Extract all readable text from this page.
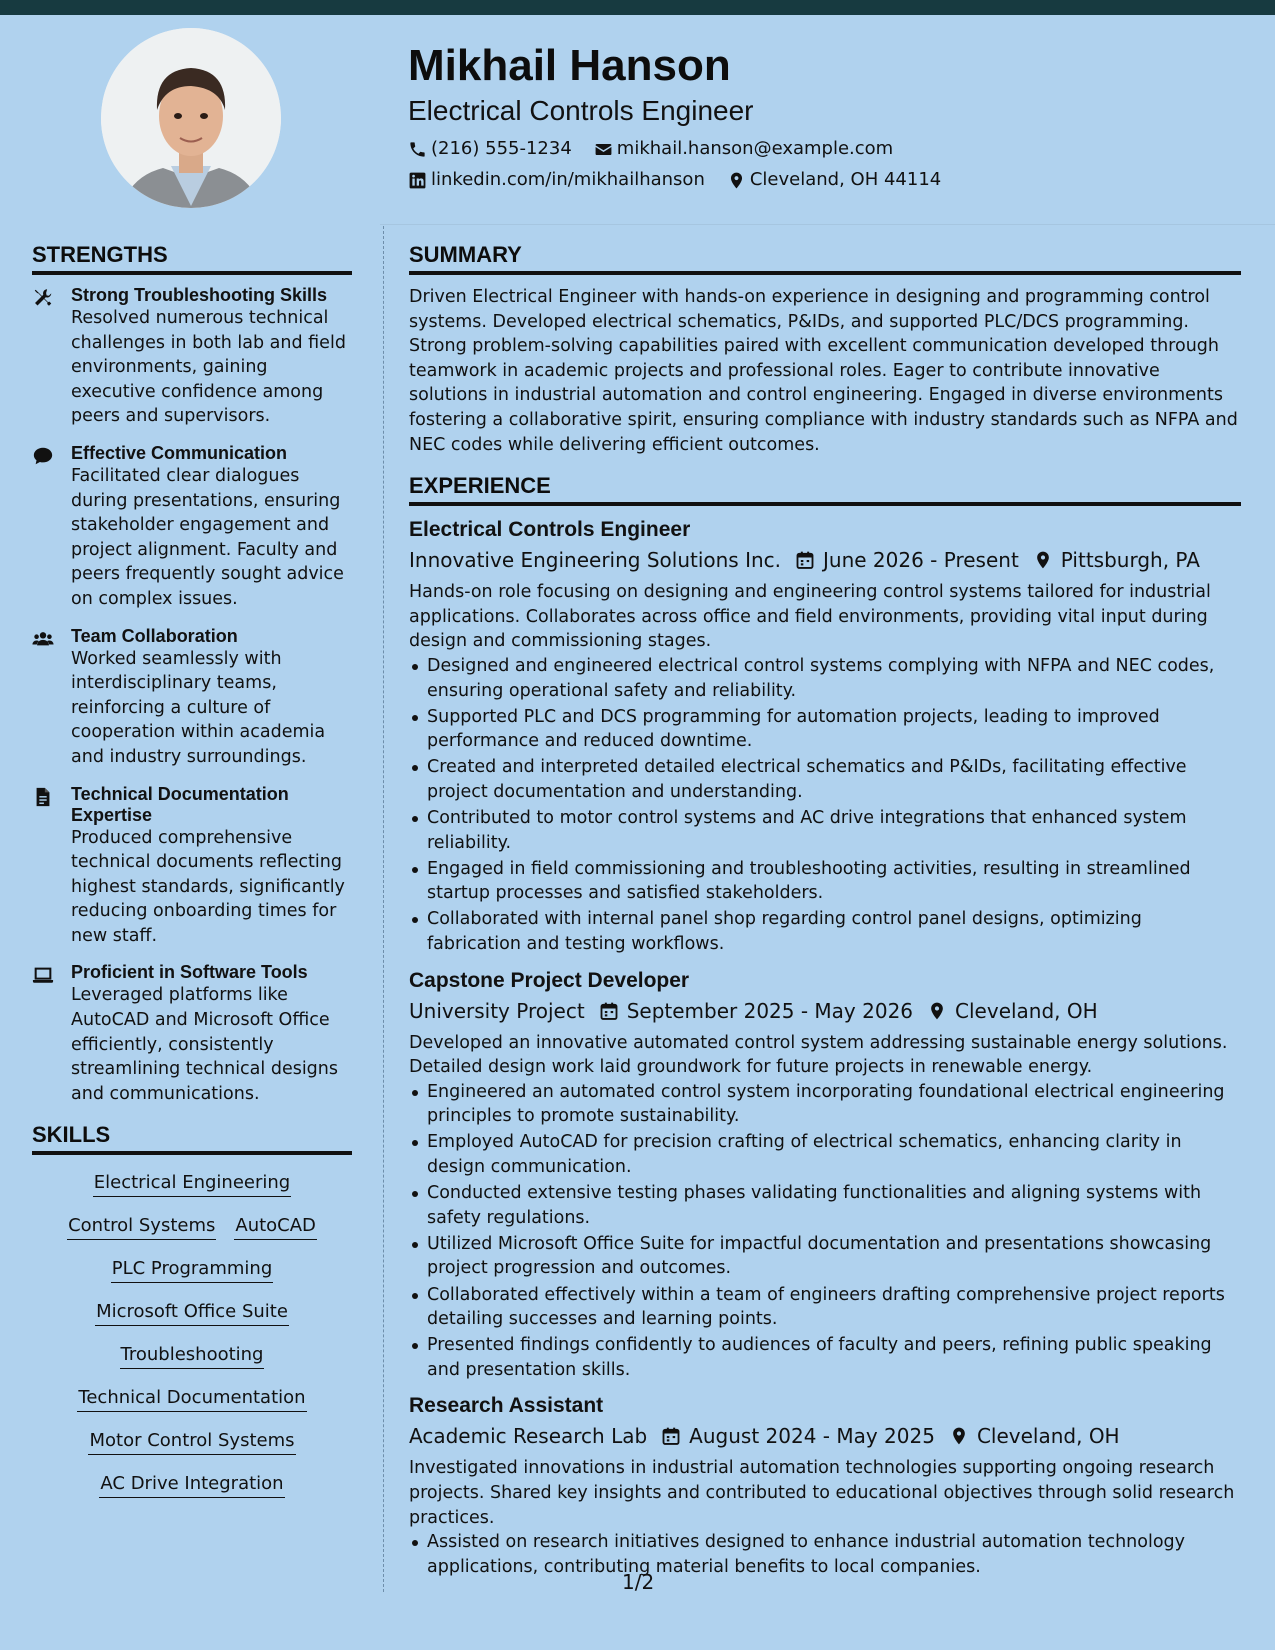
Mikhail Hanson
Electrical Controls Engineer
(216) 555-1234	mikhail.hanson@example.com
linkedin.com/in/mikhailhanson	Cleveland, OH 44114
STRENGTHS
Strong Troubleshooting Skills
Resolved numerous technical challenges in both lab and field environments, gaining executive confidence among peers and supervisors.
Effective Communication
Facilitated clear dialogues during presentations, ensuring stakeholder engagement and project alignment. Faculty and peers frequently sought advice on complex issues.
Team Collaboration
Worked seamlessly with interdisciplinary teams, reinforcing a culture of cooperation within academia and industry surroundings.
Technical Documentation Expertise
Produced comprehensive technical documents reflecting highest standards, significantly reducing onboarding times for new staff.
Proficient in Software Tools
Leveraged platforms like AutoCAD and Microsoft Office efficiently, consistently streamlining technical designs and communications.
SKILLS
Electrical Engineering
Control Systems AutoCAD
PLC Programming
Microsoft Office Suite
Troubleshooting
Technical Documentation
Motor Control Systems
AC Drive Integration
SUMMARY
Driven Electrical Engineer with hands-on experience in designing and programming control systems. Developed electrical schematics, P&IDs, and supported PLC/DCS programming. Strong problem-solving capabilities paired with excellent communication developed through teamwork in academic projects and professional roles. Eager to contribute innovative solutions in industrial automation and control engineering. Engaged in diverse environments fostering a collaborative spirit, ensuring compliance with industry standards such as NFPA and NEC codes while delivering efficient outcomes.
EXPERIENCE
Electrical Controls Engineer
Innovative Engineering Solutions Inc. June 2026 - Present Pittsburgh, PA
Hands-on role focusing on designing and engineering control systems tailored for industrial applications. Collaborates across office and field environments, providing vital input during design and commissioning stages.
Designed and engineered electrical control systems complying with NFPA and NEC codes, ensuring operational safety and reliability.
Supported PLC and DCS programming for automation projects, leading to improved performance and reduced downtime.
Created and interpreted detailed electrical schematics and P&IDs, facilitating effective project documentation and understanding.
Contributed to motor control systems and AC drive integrations that enhanced system reliability.
Engaged in field commissioning and troubleshooting activities, resulting in streamlined startup processes and satisfied stakeholders.
Collaborated with internal panel shop regarding control panel designs, optimizing fabrication and testing workflows.
Capstone Project Developer
University Project September 2025 - May 2026 Cleveland, OH
Developed an innovative automated control system addressing sustainable energy solutions. Detailed design work laid groundwork for future projects in renewable energy.
Engineered an automated control system incorporating foundational electrical engineering principles to promote sustainability.
Employed AutoCAD for precision crafting of electrical schematics, enhancing clarity in design communication.
Conducted extensive testing phases validating functionalities and aligning systems with safety regulations.
Utilized Microsoft Office Suite for impactful documentation and presentations showcasing project progression and outcomes.
Collaborated effectively within a team of engineers drafting comprehensive project reports detailing successes and learning points.
Presented findings confidently to audiences of faculty and peers, refining public speaking and presentation skills.
Research Assistant
Academic Research Lab August 2024 - May 2025 Cleveland, OH
Investigated innovations in industrial automation technologies supporting ongoing research projects. Shared key insights and contributed to educational objectives through solid research practices.
Assisted on research initiatives designed to enhance industrial automation technology applications, contributing material benefits to local companies.
1/2
